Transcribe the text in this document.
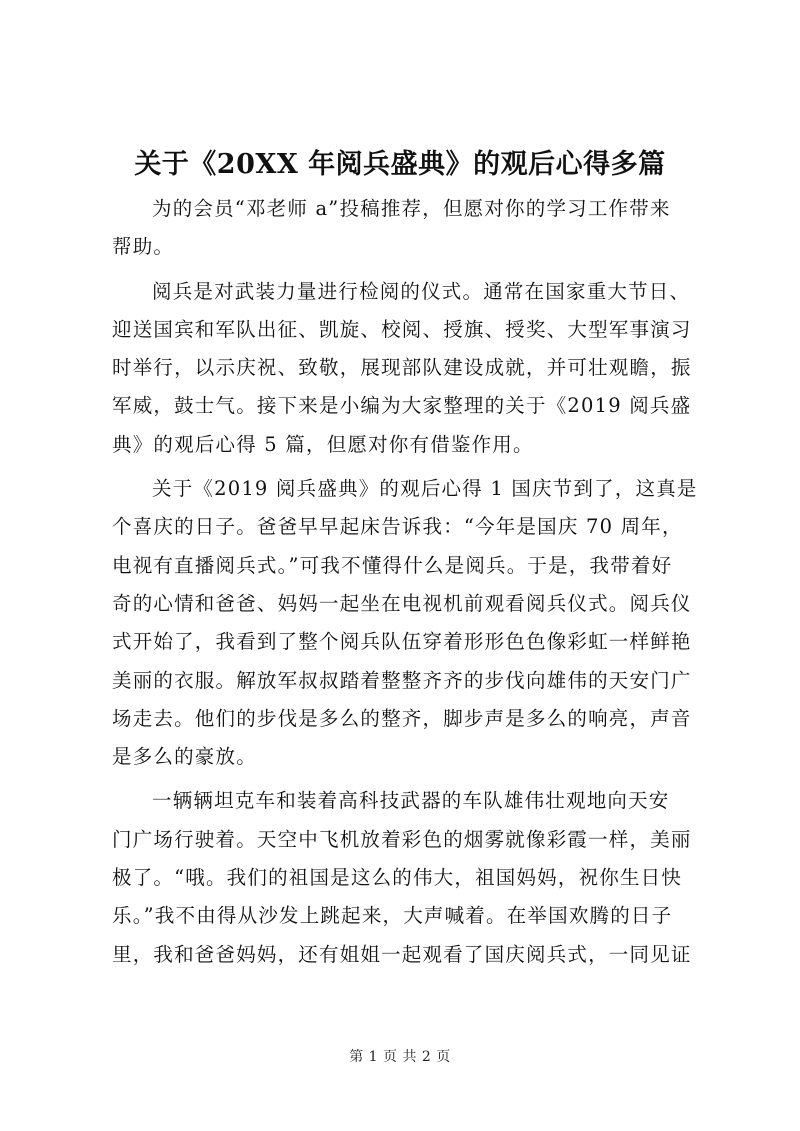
关于《20XX 年阅兵盛典》的观后心得多篇
为的会员“邓老师 a”投稿推荐，但愿对你的学习工作带来
帮助。
阅兵是对武装力量进行检阅的仪式。通常在国家重大节日、
迎送国宾和军队出征、凯旋、校阅、授旗、授奖、大型军事演习
时举行，以示庆祝、致敬，展现部队建设成就，并可壮观瞻，振
军威，鼓士气。接下来是小编为大家整理的关于《2019 阅兵盛
典》的观后心得 5 篇，但愿对你有借鉴作用。
关于《2019 阅兵盛典》的观后心得 1 国庆节到了，这真是
个喜庆的日子。爸爸早早起床告诉我：“今年是国庆 70 周年，
电视有直播阅兵式。”可我不懂得什么是阅兵。于是，我带着好
奇的心情和爸爸、妈妈一起坐在电视机前观看阅兵仪式。阅兵仪
式开始了，我看到了整个阅兵队伍穿着形形色色像彩虹一样鲜艳
美丽的衣服。解放军叔叔踏着整整齐齐的步伐向雄伟的天安门广
场走去。他们的步伐是多么的整齐，脚步声是多么的响亮，声音
是多么的豪放。
一辆辆坦克车和装着高科技武器的车队雄伟壮观地向天安
门广场行驶着。天空中飞机放着彩色的烟雾就像彩霞一样，美丽
极了。“哦。我们的祖国是这么的伟大，祖国妈妈，祝你生日快
乐。”我不由得从沙发上跳起来，大声喊着。在举国欢腾的日子
里，我和爸爸妈妈，还有姐姐一起观看了国庆阅兵式，一同见证
第 1 页 共 2 页
